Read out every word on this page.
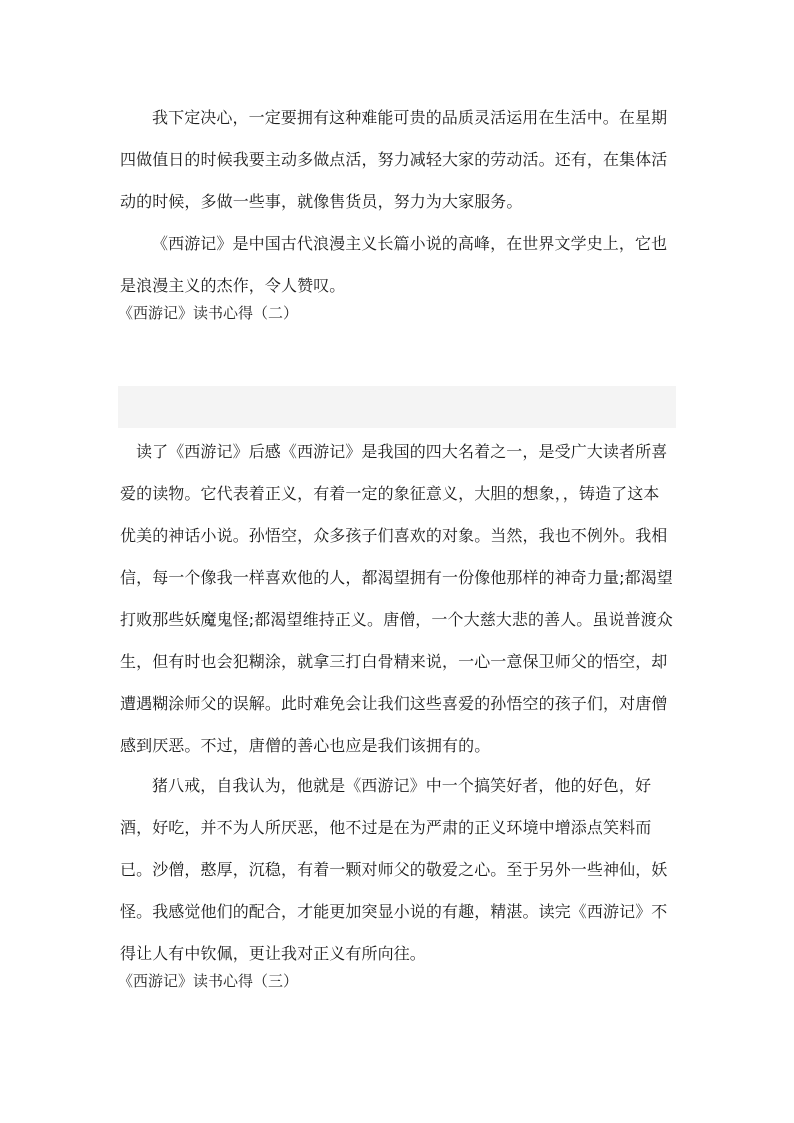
我下定决心，一定要拥有这种难能可贵的品质灵活运用在生活中。在星期
四做值日的时候我要主动多做点活，努力减轻大家的劳动活。还有，在集体活
动的时候，多做一些事，就像售货员，努力为大家服务。
《西游记》是中国古代浪漫主义长篇小说的高峰，在世界文学史上，它也
是浪漫主义的杰作，令人赞叹。
《西游记》读书心得（二）
读了《西游记》后感《西游记》是我国的四大名着之一，是受广大读者所喜
爱的读物。它代表着正义，有着一定的象征意义，大胆的想象，，铸造了这本
优美的神话小说。孙悟空，众多孩子们喜欢的对象。当然，我也不例外。我相
信，每一个像我一样喜欢他的人，都渴望拥有一份像他那样的神奇力量;都渴望
打败那些妖魔鬼怪;都渴望维持正义。唐僧，一个大慈大悲的善人。虽说普渡众
生，但有时也会犯糊涂，就拿三打白骨精来说，一心一意保卫师父的悟空，却
遭遇糊涂师父的误解。此时难免会让我们这些喜爱的孙悟空的孩子们，对唐僧
感到厌恶。不过，唐僧的善心也应是我们该拥有的。
猪八戒，自我认为，他就是《西游记》中一个搞笑好者，他的好色，好
酒，好吃，并不为人所厌恶，他不过是在为严肃的正义环境中增添点笑料而
已。沙僧，憨厚，沉稳，有着一颗对师父的敬爱之心。至于另外一些神仙，妖
怪。我感觉他们的配合，才能更加突显小说的有趣，精湛。读完《西游记》不
得让人有中钦佩，更让我对正义有所向往。
《西游记》读书心得（三）
